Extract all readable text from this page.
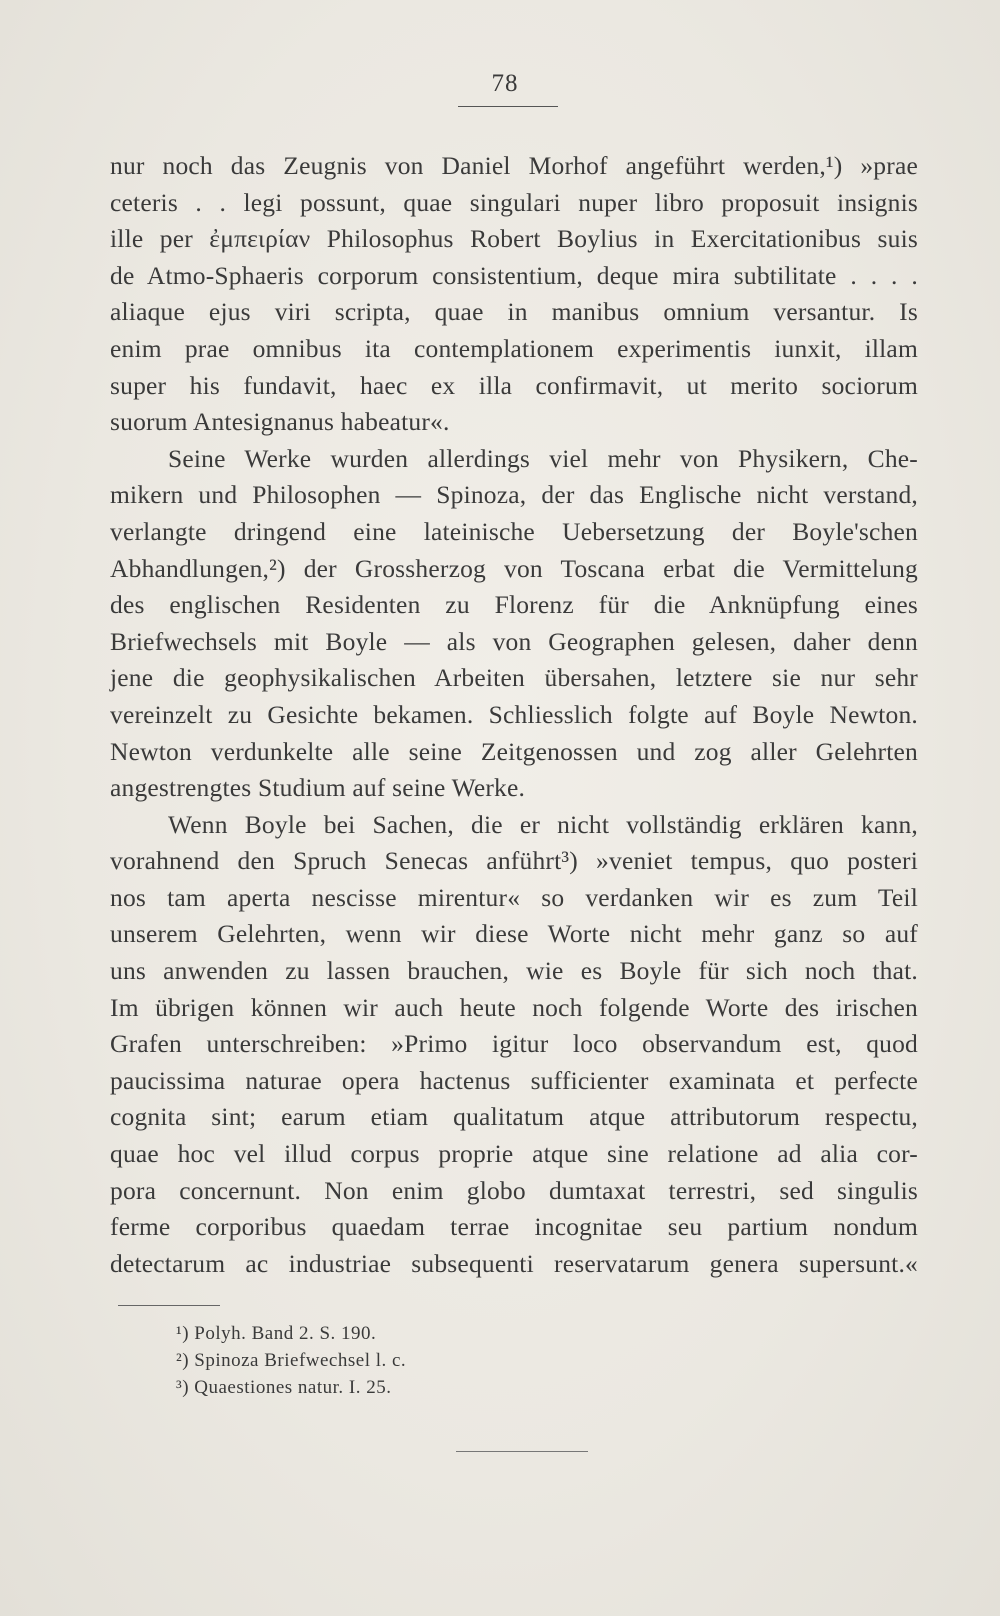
78
nur noch das Zeugnis von Daniel Morhof angeführt werden,¹) »prae
ceteris . . legi possunt, quae singulari nuper libro proposuit insignis
ille per ἐμπειρίαν Philosophus Robert Boylius in Exercitationibus suis
de Atmo-Sphaeris corporum consistentium, deque mira subtilitate . . . .
aliaque ejus viri scripta, quae in manibus omnium versantur. Is
enim prae omnibus ita contemplationem experimentis iunxit, illam
super his fundavit, haec ex illa confirmavit, ut merito sociorum
suorum Antesignanus habeatur«.
Seine Werke wurden allerdings viel mehr von Physikern, Che-
mikern und Philosophen — Spinoza, der das Englische nicht verstand,
verlangte dringend eine lateinische Uebersetzung der Boyle'schen
Abhandlungen,²) der Grossherzog von Toscana erbat die Vermittelung
des englischen Residenten zu Florenz für die Anknüpfung eines
Briefwechsels mit Boyle — als von Geographen gelesen, daher denn
jene die geophysikalischen Arbeiten übersahen, letztere sie nur sehr
vereinzelt zu Gesichte bekamen. Schliesslich folgte auf Boyle Newton.
Newton verdunkelte alle seine Zeitgenossen und zog aller Gelehrten
angestrengtes Studium auf seine Werke.
Wenn Boyle bei Sachen, die er nicht vollständig erklären kann,
vorahnend den Spruch Senecas anführt³) »veniet tempus, quo posteri
nos tam aperta nescisse mirentur« so verdanken wir es zum Teil
unserem Gelehrten, wenn wir diese Worte nicht mehr ganz so auf
uns anwenden zu lassen brauchen, wie es Boyle für sich noch that.
Im übrigen können wir auch heute noch folgende Worte des irischen
Grafen unterschreiben: »Primo igitur loco observandum est, quod
paucissima naturae opera hactenus sufficienter examinata et perfecte
cognita sint; earum etiam qualitatum atque attributorum respectu,
quae hoc vel illud corpus proprie atque sine relatione ad alia cor-
pora concernunt. Non enim globo dumtaxat terrestri, sed singulis
ferme corporibus quaedam terrae incognitae seu partium nondum
detectarum ac industriae subsequenti reservatarum genera supersunt.«
¹) Polyh. Band 2. S. 190.
²) Spinoza Briefwechsel l. c.
³) Quaestiones natur. I. 25.
